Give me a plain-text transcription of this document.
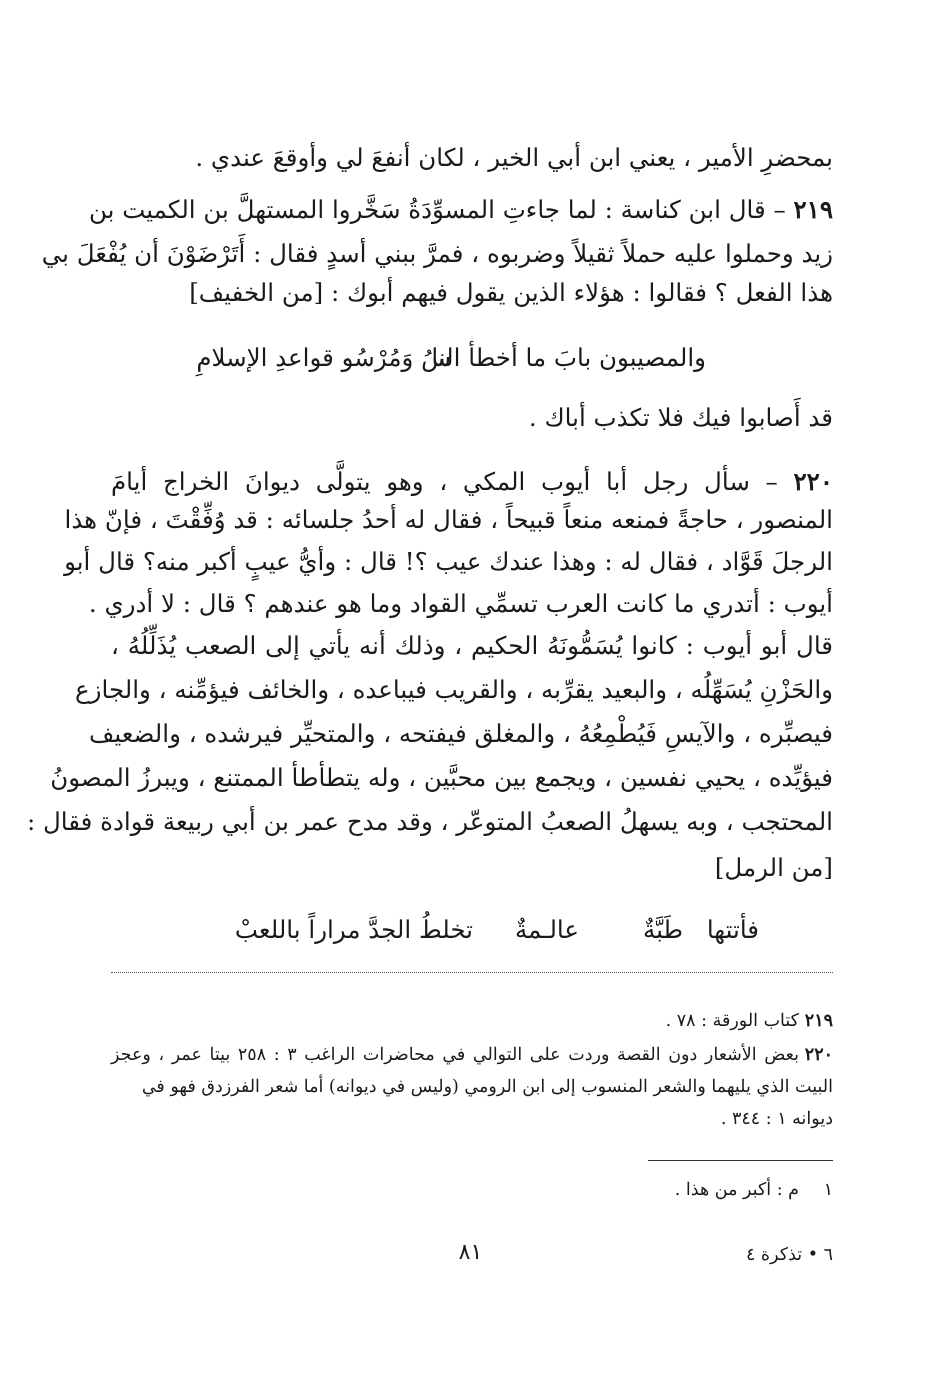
بمحضرِ الأمير ، يعني ابن أبي الخير ، لكان أنفعَ لي وأوقعَ عندي .
٢١٩ – قال ابن كناسة : لما جاءتِ المسوِّدَةُ سَخَّروا المستهلَّ بن الكميت بن
زيد وحملوا عليه حملاً ثقيلاً وضربوه ، فمرَّ ببني أسدٍ فقال : أَتَرْضَوْنَ أن يُفْعَلَ بي
هذا الفعل ؟ فقالوا : هؤلاء الذين يقول فيهم أبوك : [من الخفيف]
والمصيبون بابَ ما أخطأ النا
سُ وَمُرْسُو قواعدِ الإسلامِ
قد أَصابوا فيك فلا تكذب أباك .
٢٢٠ – سأل رجل أبا أيوب المكي ، وهو يتولَّى ديوانَ الخراج أيامَ
المنصور ، حاجةً فمنعه منعاً قبيحاً ، فقال له أحدُ جلسائه : قد وُفِّقْتَ ، فإنّ هذا
الرجلَ قَوَّاد ، فقال له : وهذا عندك عيب ؟! قال : وأيُّ عيبٍ أكبر منه؟ قال أبو
أيوب : أتدري ما كانت العرب تسمِّي القواد وما هو عندهم ؟ قال : لا أدري .
قال أبو أيوب : كانوا يُسَمُّونَهُ الحكيم ، وذلك أنه يأتي إلى الصعب يُذَلِّلُهُ ،
والحَزْنِ يُسَهِّلُه ، والبعيد يقرِّبه ، والقريب فيباعده ، والخائف فيؤمِّنه ، والجازع
فيصبِّره ، والآيسِ فَيُطْمِعُهُ ، والمغلق فيفتحه ، والمتحيِّر فيرشده ، والضعيف
فيؤيِّده ، يحيي نفسين ، ويجمع بين محبَّين ، وله يتطأطأ الممتنع ، ويبرزُ المصونُ
المحتجب ، وبه يسهلُ الصعبُ المتوعّر ، وقد مدح عمر بن أبي ربيعة قوادة فقال :
[من الرمل]
فأتتها
طَبَّةٌ
عالـمةٌ
تخلطُ الجدَّ مراراً باللعبْ
٢١٩كتاب الورقة : ٧٨ .
٢٢٠بعض الأشعار دون القصة وردت على التوالي في محاضرات الراغب ٣ : ٢٥٨ بيتا عمر ، وعجز
البيت الذي يليهما والشعر المنسوب إلى ابن الرومي (وليس في ديوانه) أما شعر الفرزدق فهو في
ديوانه ١ : ٣٤٤ .
١م : أكبر من هذا .
٦ • تذكرة ٤
٨١
